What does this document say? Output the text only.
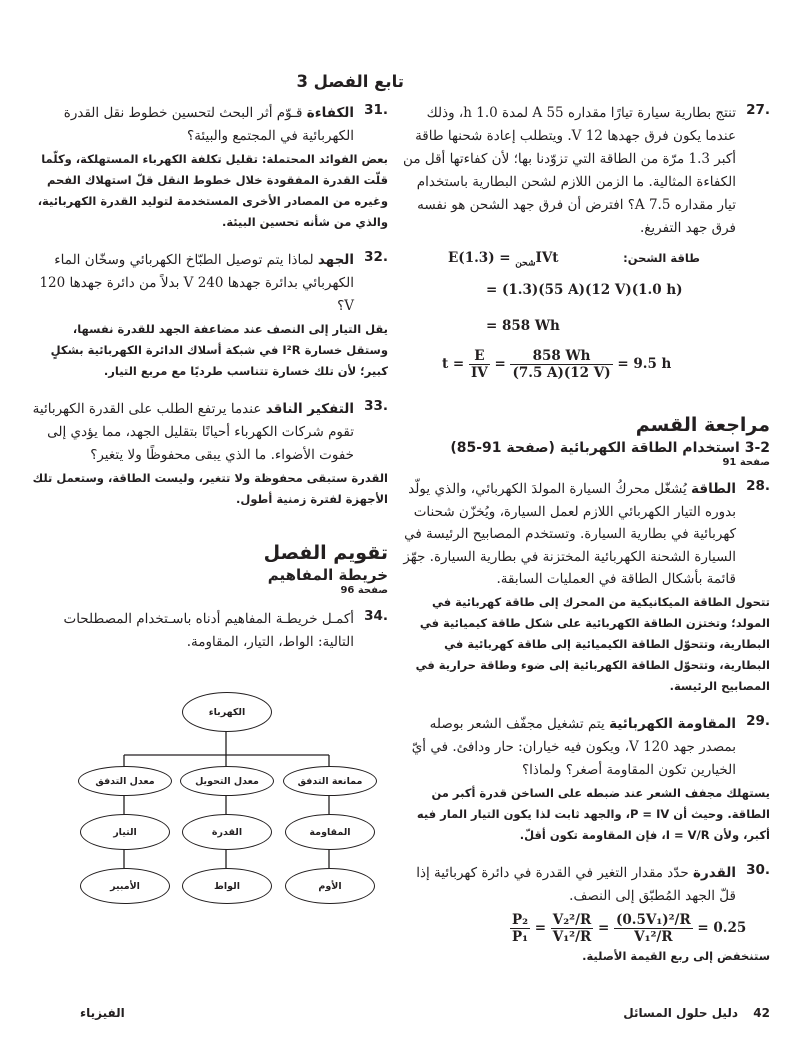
تابع الفصل 3
.27
تنتج بطارية سيارة تيارًا مقداره 55 A لمدة 1.0 h، وذلك عندما يكون فرق جهدها 12 V. ويتطلب إعادة شحنها طاقة أكبر 1.3 مرّة من الطاقة التي تزوّدنا بها؛ لأن كفاءتها أقل من الكفاءة المثالية. ما الزمن اللازم لشحن البطارية باستخدام تيار مقداره 7.5 A؟ افترض أن فرق جهد الشحن هو نفسه فرق جهد التفريغ.
طاقة الشحن:
E	$_{شحن}$ = (1.3)IVt
= (1.3)(55 A)(12 V)(1.0 h)
= 858 Wh
$t = \frac{E}{IV} = \frac{858 Wh}{(7.5 A)(12 V)} = 9.5$ h
مراجعة القسم
3-2 استخدام الطاقة الكهربائية (صفحة 91-85)
صفحة 91
.28
الطاقة يُشغّل محركُ السيارة المولدَ الكهربائي، والذي يولّد بدوره التيار الكهربائي اللازم لعمل السيارة، ويُخزّن شحنات كهربائية في بطارية السيارة. وتستخدم المصابيح الرئيسة في السيارة الشحنة الكهربائية المختزنة في بطارية السيارة. جهّز قائمة بأشكال الطاقة في العمليات السابقة.
تتحول الطاقة الميكانيكية من المحرك إلى طاقة كهربائية في المولد؛ وتختزن الطاقة الكهربائية على شكل طاقة كيميائية في البطارية، وتتحوّل الطاقة الكيميائية إلى طاقة كهربائية في البطارية، وتتحوّل الطاقة الكهربائية إلى ضوء وطاقة حرارية في المصابيح الرئيسة.
.29
المقاومة الكهربائية يتم تشغيل مجفّف الشعر بوصله بمصدر جهد 120 V، ويكون فيه خياران: حار ودافئ. في أيّ الخيارين تكون المقاومة أصغر؟ ولماذا؟
يستهلك مجفف الشعر عند ضبطه على الساخن قدرة أكبر من الطاقة. وحيث أن P = IV، والجهد ثابت لذا يكون التيار المار فيه أكبر، ولأن I = V/R، فإن المقاومة تكون أقلّ.
.30
القدرة حدّد مقدار التغير في القدرة في دائرة كهربائية إذا قلّ الجهد المُطبّق إلى النصف.
$\frac{\text{P₂}}{\text{P₁}} = \frac{\text{V₂²/R}}{\text{V₁²/R}} = \frac{\text{(0.5V₁)²/R}}{\text{V₁²/R}} = 0.25$
ستنخفض إلى ربع القيمة الأصلية.
.31
الكفاءة قـوّم أثر البحث لتحسين خطوط نقل القدرة الكهربائية في المجتمع والبيئة؟
بعض الفوائد المحتملة: تقليل تكلفة الكهرباء المستهلكة، وكلّما قلّت القدرة المفقودة خلال خطوط النقل قلّ استهلاك الفحم وغيره من المصادر الأخرى المستخدمة لتوليد القدرة الكهربائية، والذي من شأنه تحسين البيئة.
.32
الجهد لماذا يتم توصيل الطبّاخ الكهربائي وسخّان الماء الكهربائي بدائرة جهدها 240 V بدلاً من دائرة جهدها 120 V؟
يقل التيار إلى النصف عند مضاعفة الجهد للقدرة نفسها، وستقل خسارة I²R في شبكة أسلاك الدائرة الكهربائية بشكلٍ كبير؛ لأن تلك خسارة تتناسب طرديًا مع مربع التيار.
.33
التفكير الناقد عندما يرتفع الطلب على القدرة الكهربائية تقوم شركات الكهرباء أحيانًا بتقليل الجهد، مما يؤدي إلى خفوت الأضواء. ما الذي يبقى محفوظًا ولا يتغير؟
القدرة ستبقى محفوظة ولا تتغير، وليست الطاقة، وستعمل تلك الأجهزة لفترة زمنية أطول.
تقويم الفصل
خريطة المفاهيم
صفحة 96
.34
أكمـل خريطـة المفاهيم أدناه باسـتخدام المصطلحات التالية: الواط، التيار، المقاومة.
الكهرباء
معدل التدفق	معدل التحويل	ممانعة التدفق
التيار	القدرة	المقاومة
الأمبير	الواط	الأوم
دليل حلول المسائل 42
الفيزياء
